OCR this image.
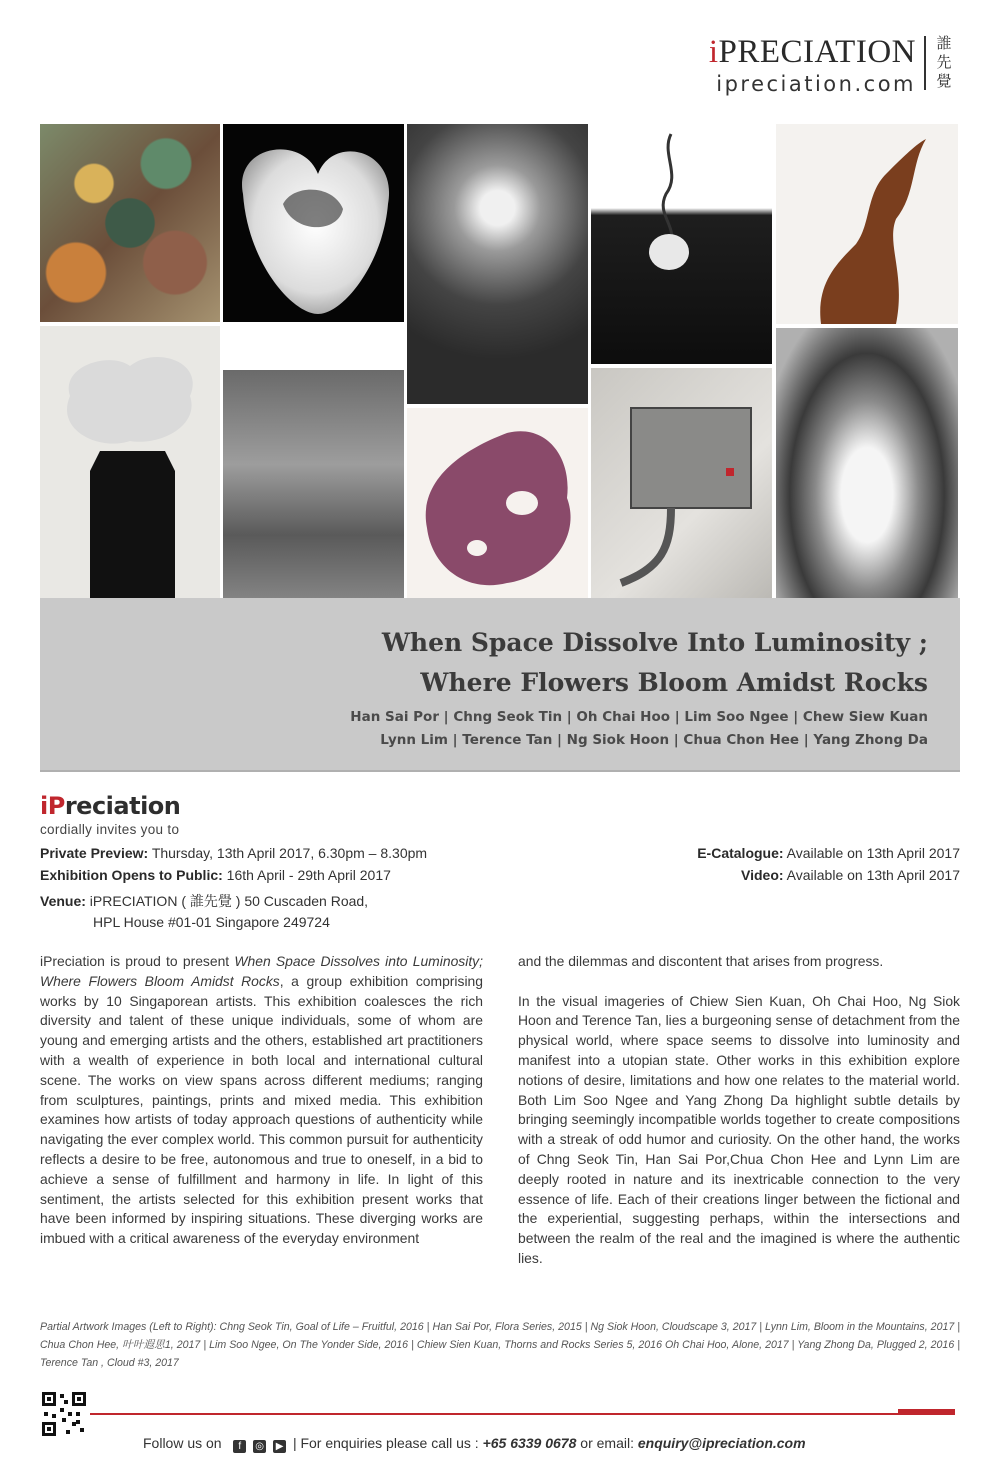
iPRECIATION
ipreciation.com
誰先覺
When Space Dissolve Into Luminosity ;
Where Flowers Bloom Amidst Rocks
Han Sai Por | Chng Seok Tin | Oh Chai Hoo | Lim Soo Ngee | Chew Siew Kuan
Lynn Lim | Terence Tan | Ng Siok Hoon | Chua Chon Hee | Yang Zhong Da
iPreciation
cordially invites you to
Private Preview: Thursday, 13th April 2017, 6.30pm – 8.30pm
Exhibition Opens to Public: 16th April - 29th April 2017
Venue: iPRECIATION ( 誰先覺 ) 50 Cuscaden Road,
HPL House #01-01 Singapore 249724
E-Catalogue: Available on 13th April 2017
Video: Available on 13th April 2017

iPreciation is proud to present When Space Dissolves into Luminosity; Where Flowers Bloom Amidst Rocks, a group exhibition comprising works by 10 Singaporean artists. This exhibition coalesces the rich diversity and talent of these unique individuals, some of whom are young and emerging artists and the others, established art practitioners with a wealth of experience in both local and international cultural scene. The works on view spans across different mediums; ranging from sculptures, paintings, prints and mixed media. This exhibition examines how artists of today approach questions of authenticity while navigating the ever complex world. This common pursuit for authenticity reflects a desire to be free, autonomous and true to oneself, in a bid to achieve a sense of fulfillment and harmony in life. In light of this sentiment, the artists selected for this exhibition present works that have been informed by inspiring situations. These diverging works are imbued with a critical awareness of the everyday environment

and the dilemmas and discontent that arises from progress.

In the visual imageries of Chiew Sien Kuan, Oh Chai Hoo, Ng Siok Hoon and Terence Tan, lies a burgeoning sense of detachment from the physical world, where space seems to dissolve into luminosity and manifest into a utopian state. Other works in this exhibition explore notions of desire, limitations and how one relates to the material world. Both Lim Soo Ngee and Yang Zhong Da highlight subtle details by bringing seemingly incompatible worlds together to create compositions with a streak of odd humor and curiosity. On the other hand, the works of Chng Seok Tin, Han Sai Por,Chua Chon Hee and Lynn Lim are deeply rooted in nature and its inextricable connection to the very essence of life. Each of their creations linger between the fictional and the experiential, suggesting perhaps, within the intersections and between the realm of the real and the imagined is where the authentic lies.

Partial Artwork Images (Left to Right): Chng Seok Tin, Goal of Life – Fruitful, 2016 | Han Sai Por, Flora Series, 2015 | Ng Siok Hoon, Cloudscape 3, 2017 | Lynn Lim, Bloom in the Mountains, 2017 | Chua Chon Hee, 叶叶遐思1, 2017 | Lim Soo Ngee, On The Yonder Side, 2016 | Chiew Sien Kuan, Thorns and Rocks Series 5, 2016 Oh Chai Hoo, Alone, 2017 | Yang Zhong Da, Plugged 2, 2016 | Terence Tan , Cloud #3, 2017
Follow us on f ◎ ▶ | For enquiries please call us : +65 6339 0678 or email: enquiry@ipreciation.com
